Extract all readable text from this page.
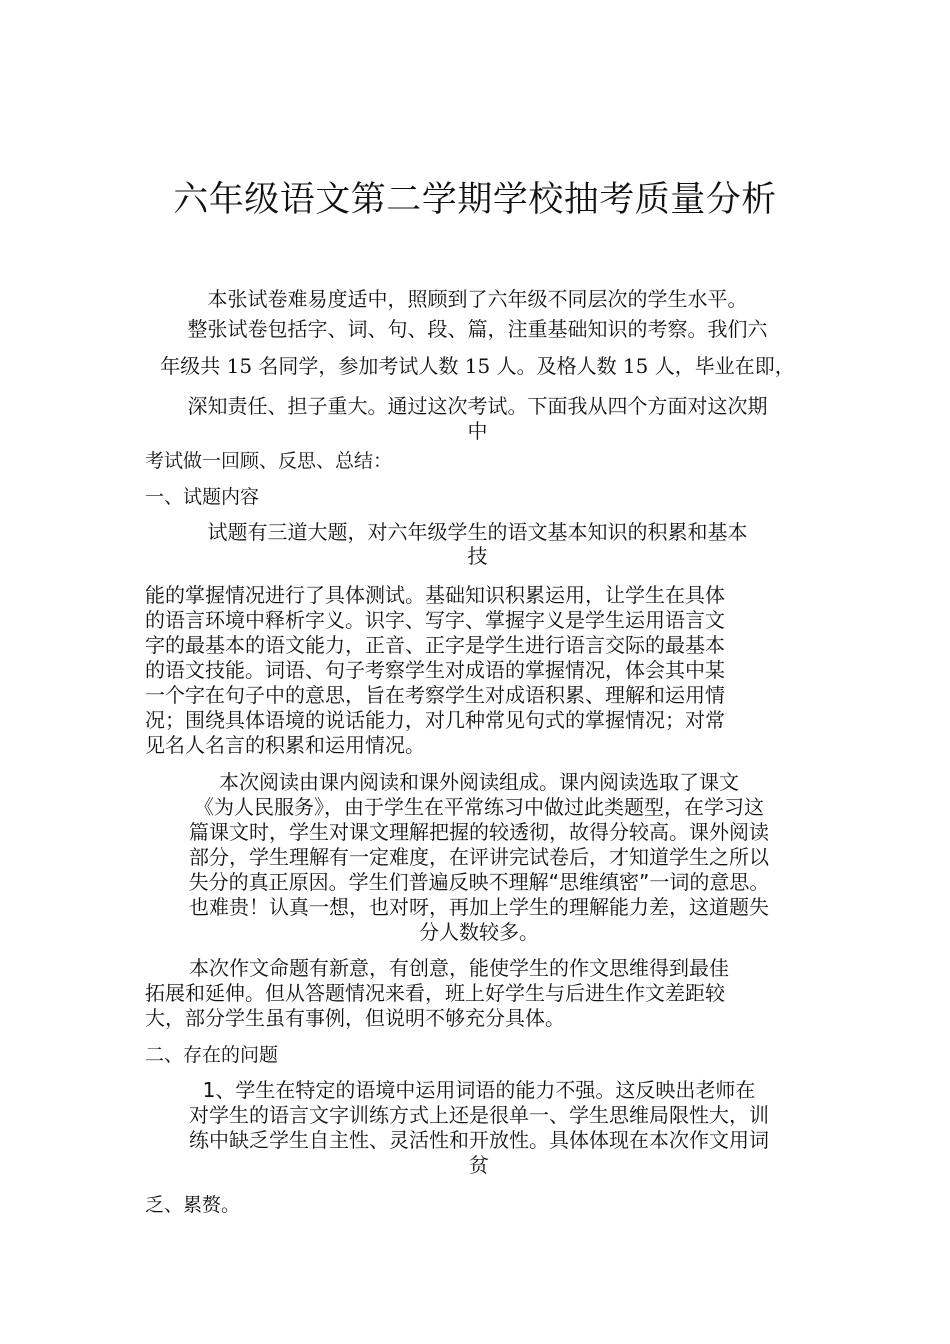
六年级语文第二学期学校抽考质量分析
本张试卷难易度适中，照顾到了六年级不同层次的学生水平。
整张试卷包括字、词、句、段、篇，注重基础知识的考察。我们六
年级共 15 名同学，参加考试人数 15 人。及格人数 15 人，毕业在即，
深知责任、担子重大。通过这次考试。下面我从四个方面对这次期
中
考试做一回顾、反思、总结：
一、试题内容
试题有三道大题，对六年级学生的语文基本知识的积累和基本
技
能的掌握情况进行了具体测试。基础知识积累运用，让学生在具体
的语言环境中释析字义。识字、写字、掌握字义是学生运用语言文
字的最基本的语文能力，正音、正字是学生进行语言交际的最基本
的语文技能。词语、句子考察学生对成语的掌握情况，体会其中某
一个字在句子中的意思，旨在考察学生对成语积累、理解和运用情
况；围绕具体语境的说话能力，对几种常见句式的掌握情况；对常
见名人名言的积累和运用情况。
本次阅读由课内阅读和课外阅读组成。课内阅读选取了课文
《为人民服务》，由于学生在平常练习中做过此类题型，在学习这
篇课文时，学生对课文理解把握的较透彻，故得分较高。课外阅读
部分，学生理解有一定难度，在评讲完试卷后，才知道学生之所以
失分的真正原因。学生们普遍反映不理解“思维缜密”一词的意思。
也难贵！认真一想，也对呀，再加上学生的理解能力差，这道题失
分人数较多。
本次作文命题有新意，有创意，能使学生的作文思维得到最佳
拓展和延伸。但从答题情况来看，班上好学生与后进生作文差距较
大，部分学生虽有事例，但说明不够充分具体。
二、存在的问题
1、学生在特定的语境中运用词语的能力不强。这反映出老师在
对学生的语言文字训练方式上还是很单一、学生思维局限性大，训
练中缺乏学生自主性、灵活性和开放性。具体体现在本次作文用词
贫
乏、累赘。
